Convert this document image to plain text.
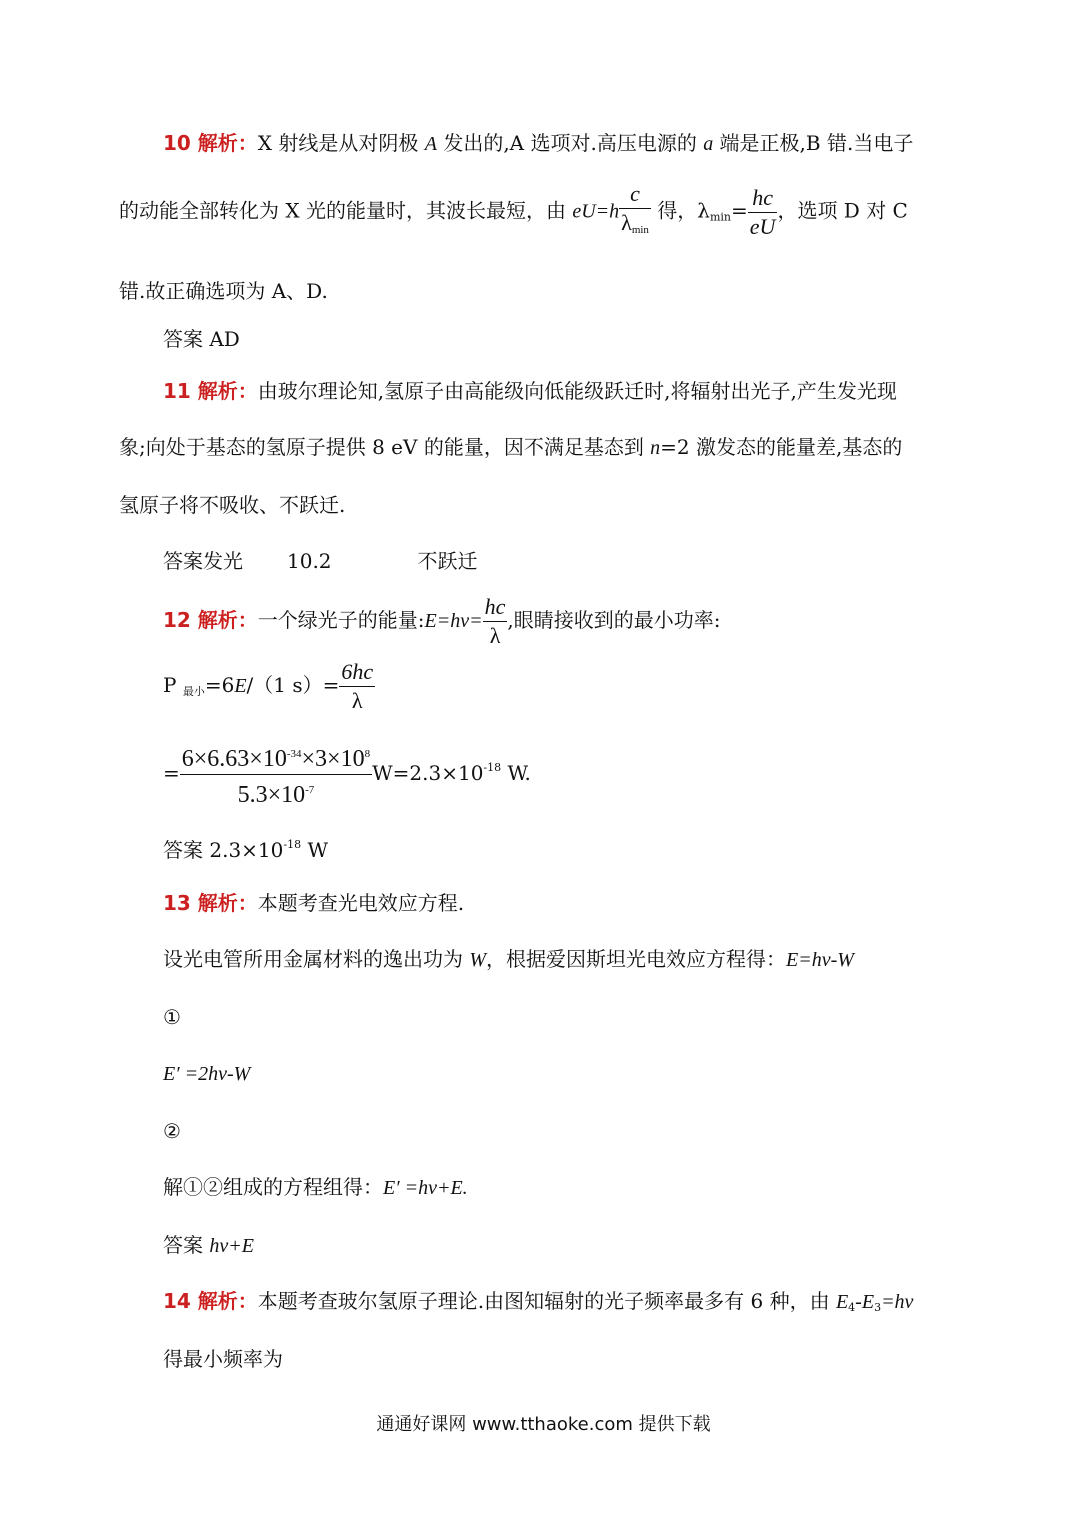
10 解析：X 射线是从对阴极 A 发出的,A 选项对.高压电源的 a 端是正极,B 错.当电子
的动能全部转化为 X 光的能量时，其波长最短，由 $eU=h \frac{c}{\lambda_{min}}$ 得，$\lambda_{min}= \frac{hc}{eU}$ ，选项 D 对 C
错.故正确选项为 A、D.
答案 AD
11 解析：由玻尔理论知,氢原子由高能级向低能级跃迁时,将辐射出光子,产生发光现
象;向处于基态的氢原子提供 8 eV 的能量，因不满足基态到 n=2 激发态的能量差,基态的
氢原子将不吸收、不跃迁.
答案发光 10.2	不跃迁
12 解析：一个绿光子的能量:E=hv= $\frac{hc}{\lambda}$ ,眼睛接收到的最小功率:
P $_{最小}$=6E/（1 $s)= \frac{6hc}{\lambda}$
= $\frac{6\times 6.63\times 10^{-34}\times 3\times 10^8}{5.3\times 10^{-7}} W=2.3\times 10^{-18}$ W.
答案 $2.3\times 10^{-18}$ W
13 解析：本题考查光电效应方程.
设光电管所用金属材料的逸出功为 W，根据爱因斯坦光电效应方程得：E=hv-W
①
E′ =2hv-W
②
解①②组成的方程组得：E′ =hv+E.
答案 hv+E
14 解析：本题考查玻尔氢原子理论.由图知辐射的光子频率最多有 6 种，由 $E_4-E_3=hv$
得最小频率为
通通好课网 www.tthaoke.com 提供下载
